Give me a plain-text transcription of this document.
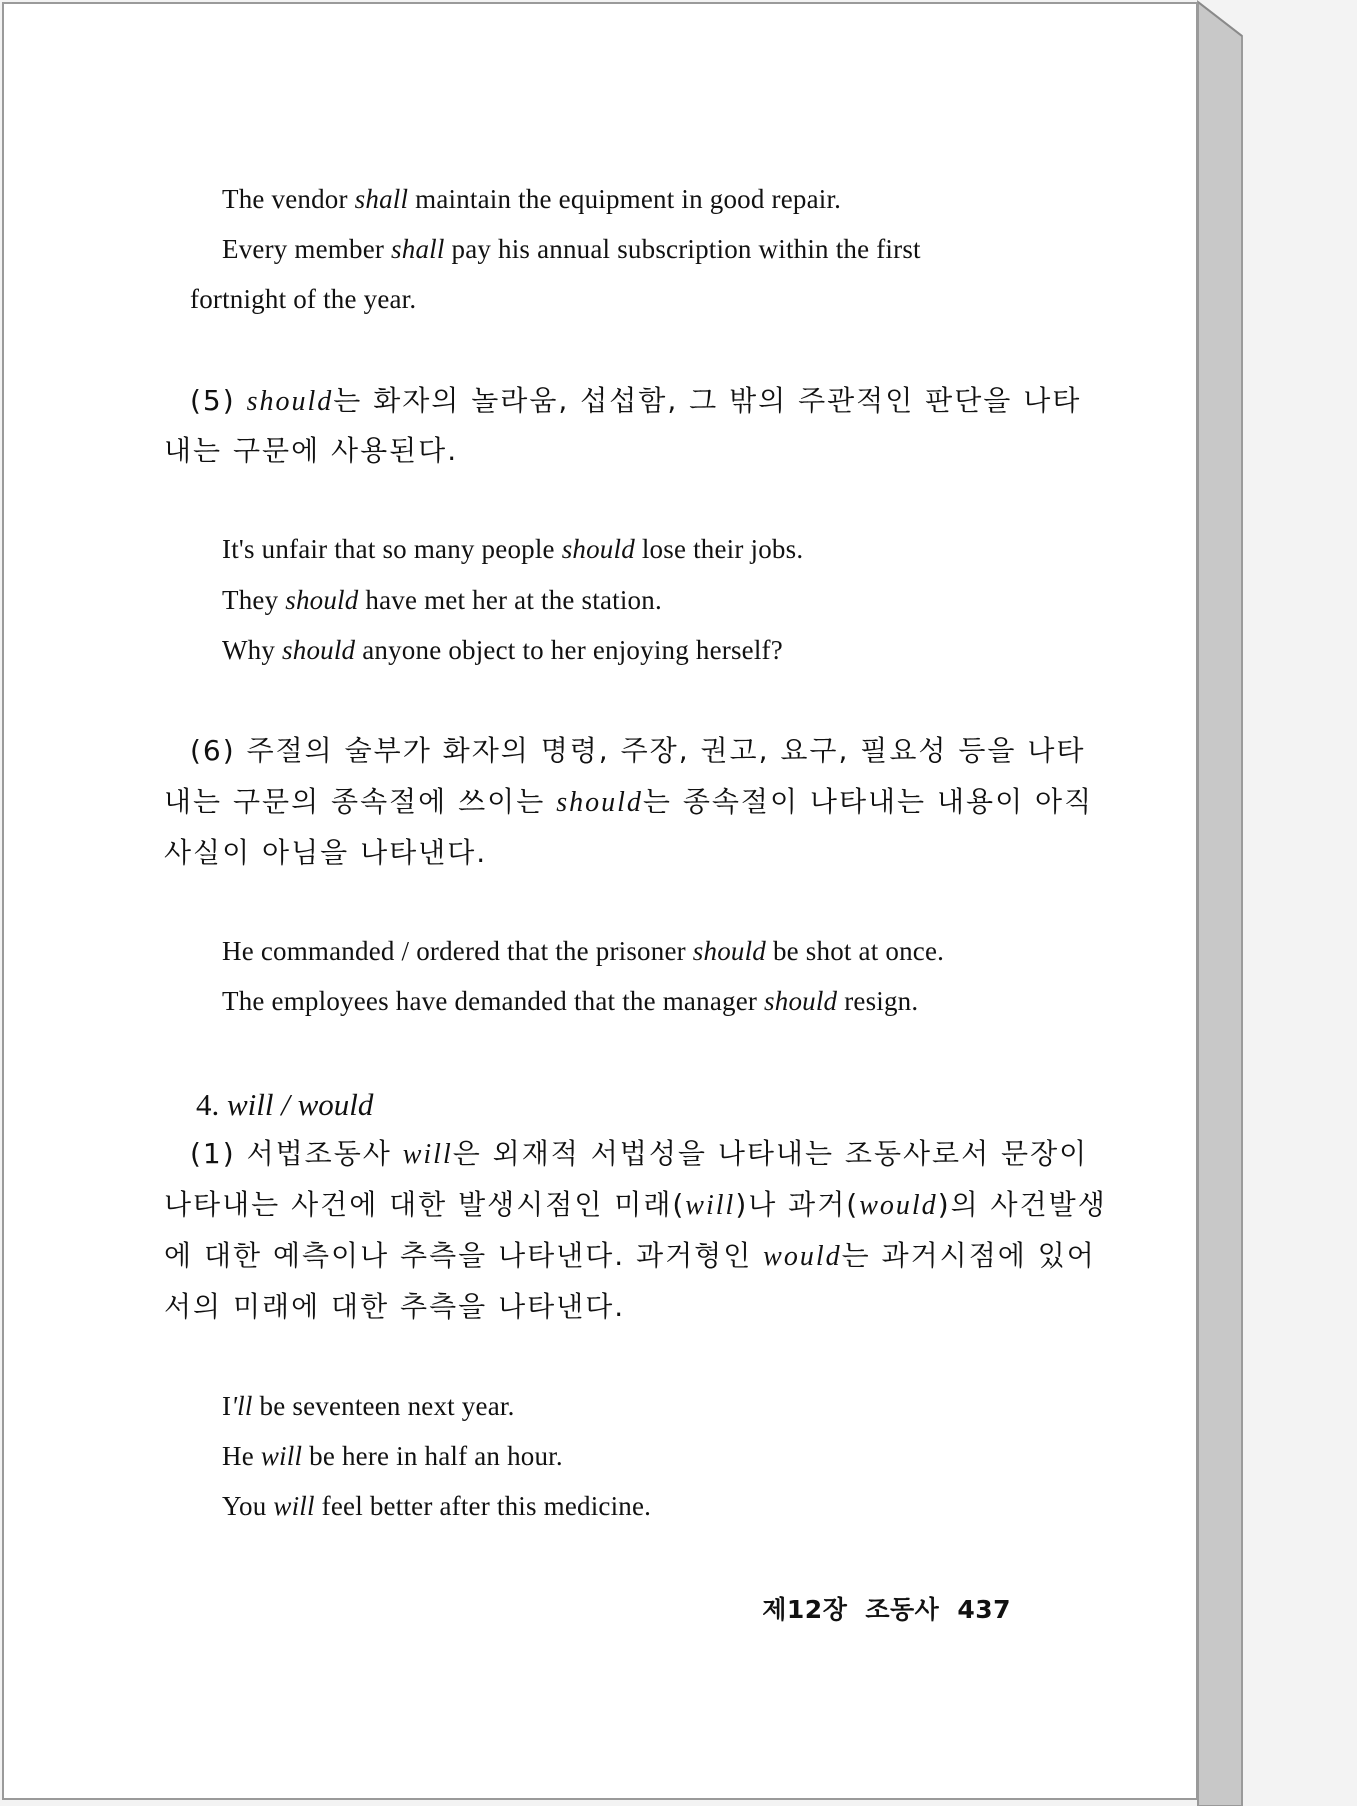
The vendor shall maintain the equipment in good repair.
Every member shall pay his annual subscription within the first
fortnight of the year.
(5) should는 화자의 놀라움, 섭섭함, 그 밖의 주관적인 판단을 나타
내는 구문에 사용된다.
It's unfair that so many people should lose their jobs.
They should have met her at the station.
Why should anyone object to her enjoying herself?
(6) 주절의 술부가 화자의 명령, 주장, 권고, 요구, 필요성 등을 나타
내는 구문의 종속절에 쓰이는 should는 종속절이 나타내는 내용이 아직
사실이 아님을 나타낸다.
He commanded / ordered that the prisoner should be shot at once.
The employees have demanded that the manager should resign.
4. will / would
(1) 서법조동사 will은 외재적 서법성을 나타내는 조동사로서 문장이
나타내는 사건에 대한 발생시점인 미래(will)나 과거(would)의 사건발생
에 대한 예측이나 추측을 나타낸다. 과거형인 would는 과거시점에 있어
서의 미래에 대한 추측을 나타낸다.
I'll be seventeen next year.
He will be here in half an hour.
You will feel better after this medicine.
제12장 조동사 437
